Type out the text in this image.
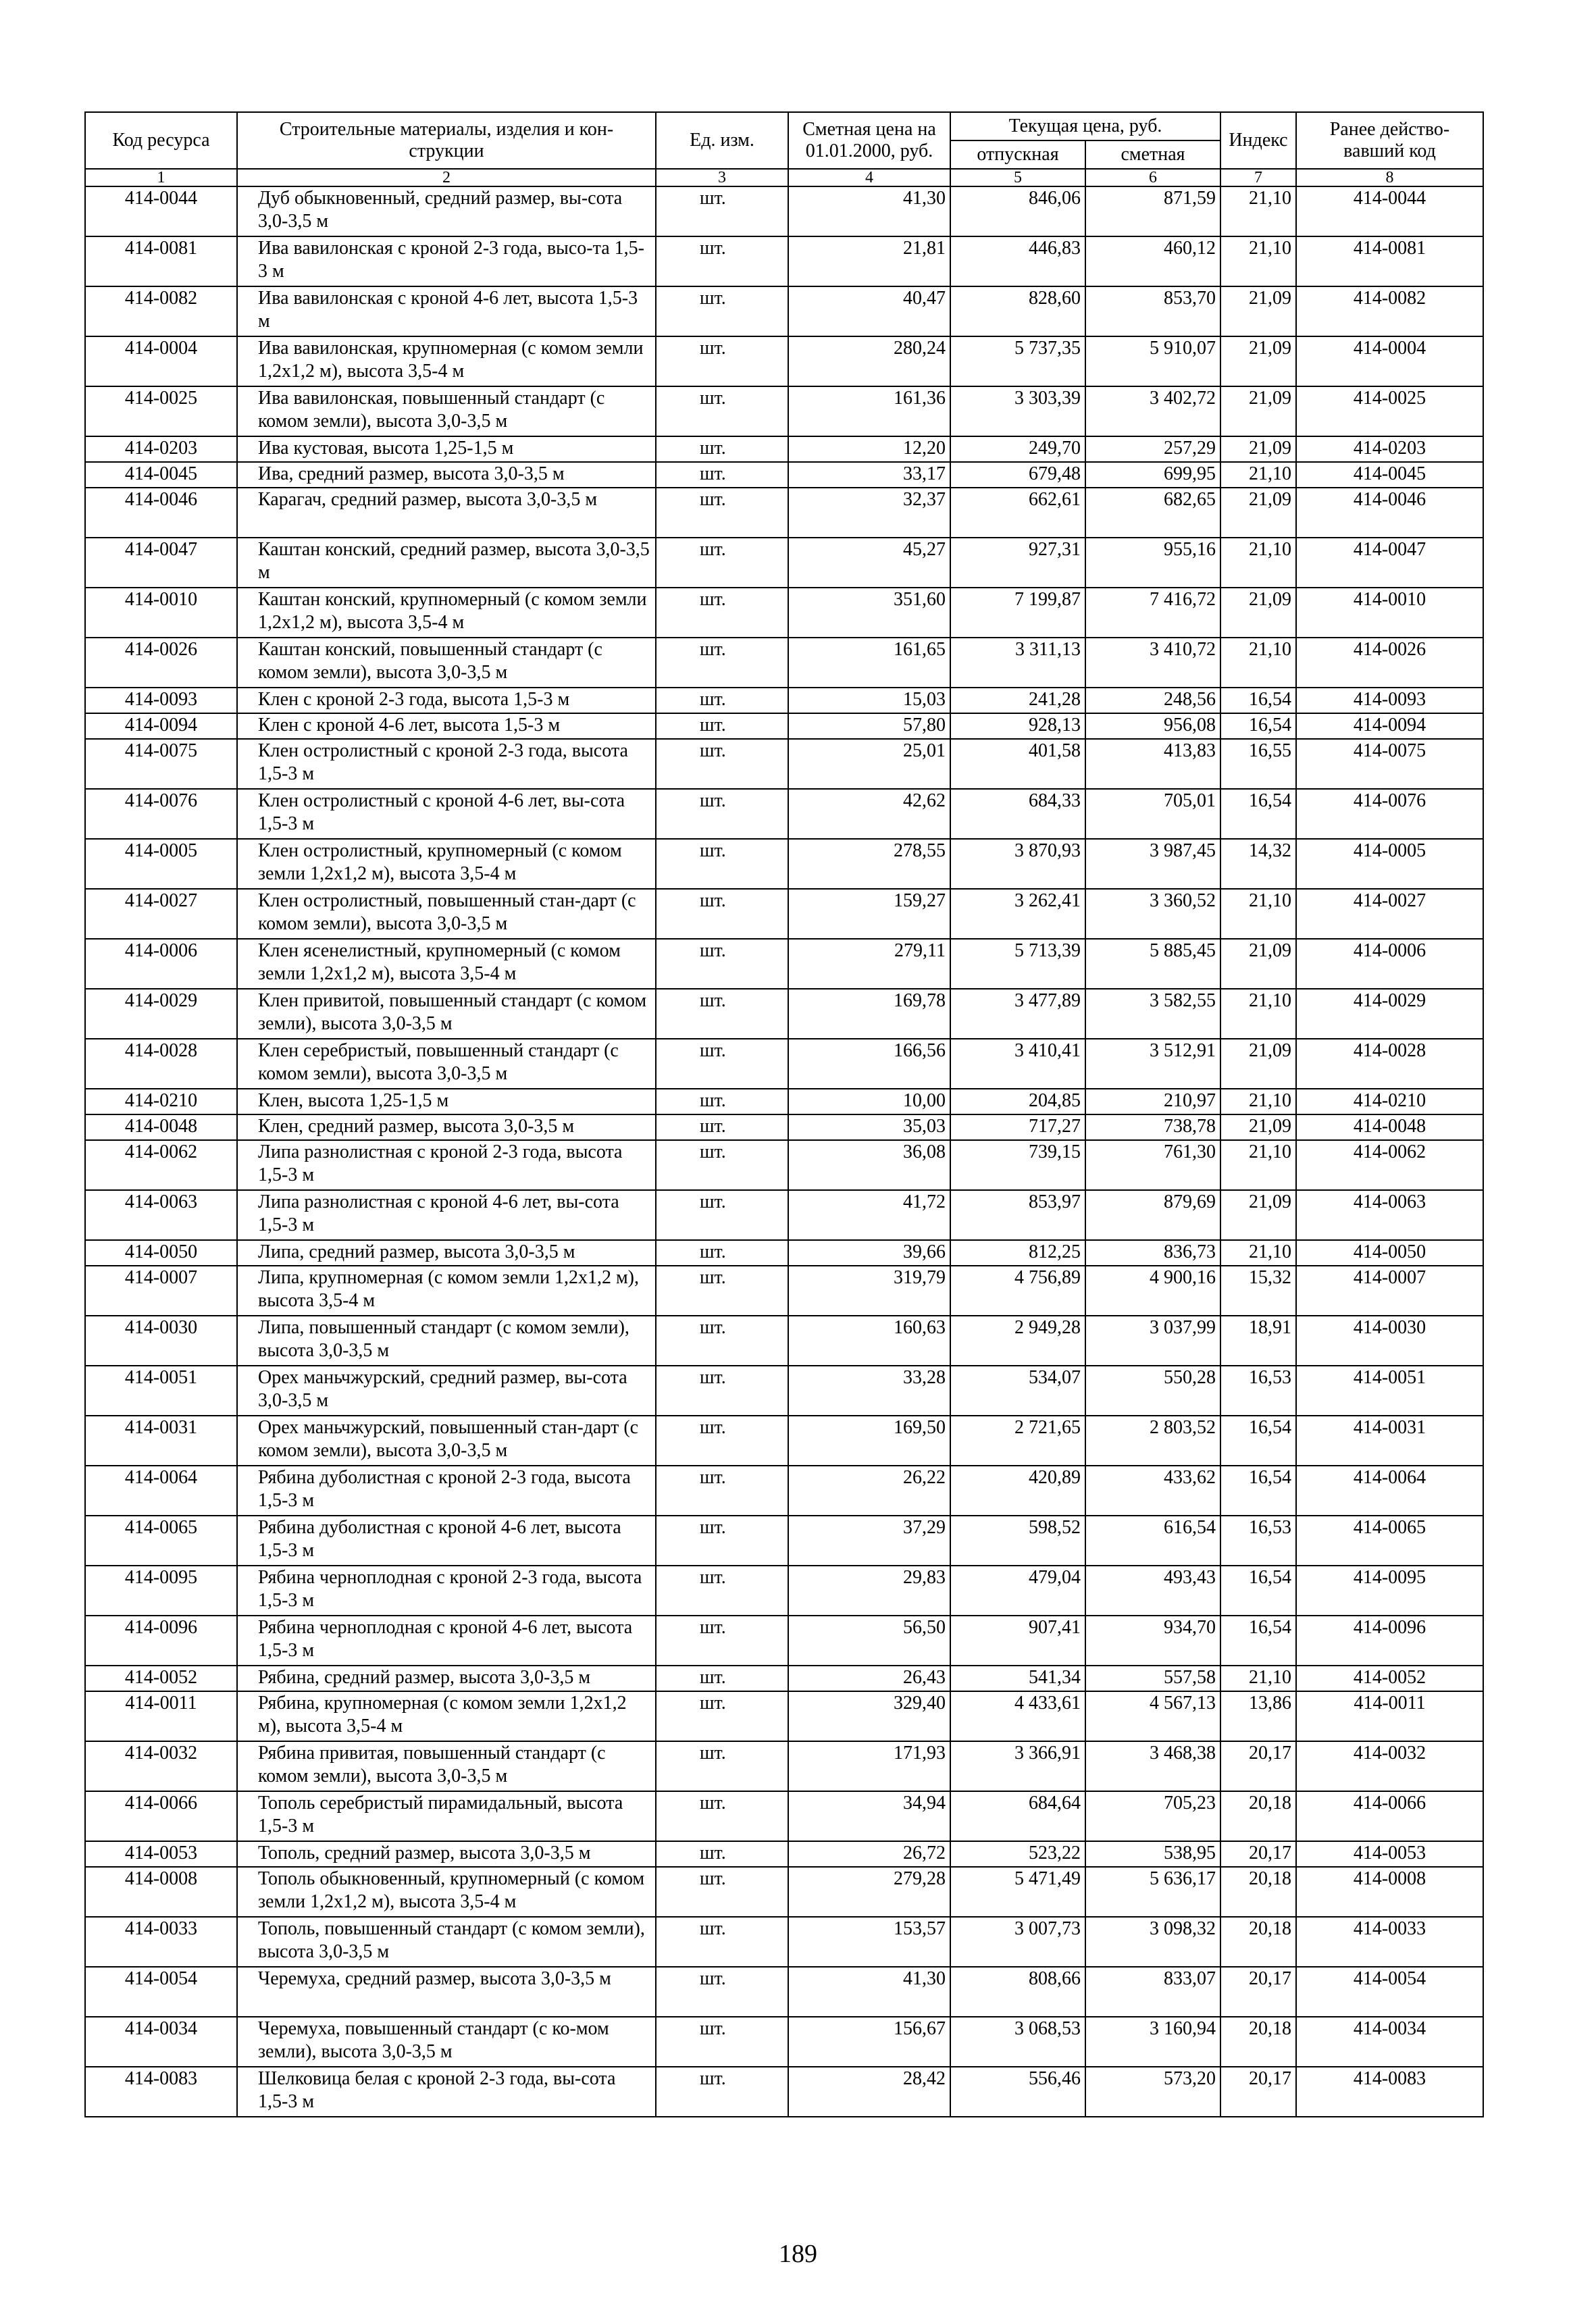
Код ресурса	Строительные материалы, изделия и кон-струкции	Ед. изм.	Сметная цена на 01.01.2000, руб.	Текущая цена, руб.		Индекс	Ранее действо-вавший код
				отпускная	сметная		
1	2	3	4	5	6	7	8
414-0044	Дуб обыкновенный, средний размер, вы-сота 3,0-3,5 м	шт.	41,30	846,06	871,59	21,10	414-0044
414-0081	Ива вавилонская с кроной 2-3 года, высо-та 1,5-3 м	шт.	21,81	446,83	460,12	21,10	414-0081
414-0082	Ива вавилонская с кроной 4-6 лет, высота 1,5-3 м	шт.	40,47	828,60	853,70	21,09	414-0082
414-0004	Ива вавилонская, крупномерная (с комом земли 1,2х1,2 м), высота 3,5-4 м	шт.	280,24	5 737,35	5 910,07	21,09	414-0004
414-0025	Ива вавилонская, повышенный стандарт (с комом земли), высота 3,0-3,5 м	шт.	161,36	3 303,39	3 402,72	21,09	414-0025
414-0203	Ива кустовая, высота 1,25-1,5 м	шт.	12,20	249,70	257,29	21,09	414-0203
414-0045	Ива, средний размер, высота 3,0-3,5 м	шт.	33,17	679,48	699,95	21,10	414-0045
414-0046	Карагач, средний размер, высота 3,0-3,5 м	шт.	32,37	662,61	682,65	21,09	414-0046
414-0047	Каштан конский, средний размер, высота 3,0-3,5 м	шт.	45,27	927,31	955,16	21,10	414-0047
414-0010	Каштан конский, крупномерный (с комом земли 1,2х1,2 м), высота 3,5-4 м	шт.	351,60	7 199,87	7 416,72	21,09	414-0010
414-0026	Каштан конский, повышенный стандарт (с комом земли), высота 3,0-3,5 м	шт.	161,65	3 311,13	3 410,72	21,10	414-0026
414-0093	Клен с кроной 2-3 года, высота 1,5-3 м	шт.	15,03	241,28	248,56	16,54	414-0093
414-0094	Клен с кроной 4-6 лет, высота 1,5-3 м	шт.	57,80	928,13	956,08	16,54	414-0094
414-0075	Клен остролистный с кроной 2-3 года, высота 1,5-3 м	шт.	25,01	401,58	413,83	16,55	414-0075
414-0076	Клен остролистный с кроной 4-6 лет, вы-сота 1,5-3 м	шт.	42,62	684,33	705,01	16,54	414-0076
414-0005	Клен остролистный, крупномерный (с комом земли 1,2х1,2 м), высота 3,5-4 м	шт.	278,55	3 870,93	3 987,45	14,32	414-0005
414-0027	Клен остролистный, повышенный стан-дарт (с комом земли), высота 3,0-3,5 м	шт.	159,27	3 262,41	3 360,52	21,10	414-0027
414-0006	Клен ясенелистный, крупномерный (с комом земли 1,2х1,2 м), высота 3,5-4 м	шт.	279,11	5 713,39	5 885,45	21,09	414-0006
414-0029	Клен привитой, повышенный стандарт (с комом земли), высота 3,0-3,5 м	шт.	169,78	3 477,89	3 582,55	21,10	414-0029
414-0028	Клен серебристый, повышенный стандарт (с комом земли), высота 3,0-3,5 м	шт.	166,56	3 410,41	3 512,91	21,09	414-0028
414-0210	Клен, высота 1,25-1,5 м	шт.	10,00	204,85	210,97	21,10	414-0210
414-0048	Клен, средний размер, высота 3,0-3,5 м	шт.	35,03	717,27	738,78	21,09	414-0048
414-0062	Липа разнолистная с кроной 2-3 года, высота 1,5-3 м	шт.	36,08	739,15	761,30	21,10	414-0062
414-0063	Липа разнолистная с кроной 4-6 лет, вы-сота 1,5-3 м	шт.	41,72	853,97	879,69	21,09	414-0063
414-0050	Липа, средний размер, высота 3,0-3,5 м	шт.	39,66	812,25	836,73	21,10	414-0050
414-0007	Липа, крупномерная (с комом земли 1,2х1,2 м), высота 3,5-4 м	шт.	319,79	4 756,89	4 900,16	15,32	414-0007
414-0030	Липа, повышенный стандарт (с комом земли), высота 3,0-3,5 м	шт.	160,63	2 949,28	3 037,99	18,91	414-0030
414-0051	Орех маньчжурский, средний размер, вы-сота 3,0-3,5 м	шт.	33,28	534,07	550,28	16,53	414-0051
414-0031	Орех маньчжурский, повышенный стан-дарт (с комом земли), высота 3,0-3,5 м	шт.	169,50	2 721,65	2 803,52	16,54	414-0031
414-0064	Рябина дуболистная с кроной 2-3 года, высота 1,5-3 м	шт.	26,22	420,89	433,62	16,54	414-0064
414-0065	Рябина дуболистная с кроной 4-6 лет, высота 1,5-3 м	шт.	37,29	598,52	616,54	16,53	414-0065
414-0095	Рябина черноплодная с кроной 2-3 года, высота 1,5-3 м	шт.	29,83	479,04	493,43	16,54	414-0095
414-0096	Рябина черноплодная с кроной 4-6 лет, высота 1,5-3 м	шт.	56,50	907,41	934,70	16,54	414-0096
414-0052	Рябина, средний размер, высота 3,0-3,5 м	шт.	26,43	541,34	557,58	21,10	414-0052
414-0011	Рябина, крупномерная (с комом земли 1,2х1,2 м), высота 3,5-4 м	шт.	329,40	4 433,61	4 567,13	13,86	414-0011
414-0032	Рябина привитая, повышенный стандарт (с комом земли), высота 3,0-3,5 м	шт.	171,93	3 366,91	3 468,38	20,17	414-0032
414-0066	Тополь серебристый пирамидальный, высота 1,5-3 м	шт.	34,94	684,64	705,23	20,18	414-0066
414-0053	Тополь, средний размер, высота 3,0-3,5 м	шт.	26,72	523,22	538,95	20,17	414-0053
414-0008	Тополь обыкновенный, крупномерный (с комом земли 1,2х1,2 м), высота 3,5-4 м	шт.	279,28	5 471,49	5 636,17	20,18	414-0008
414-0033	Тополь, повышенный стандарт (с комом земли), высота 3,0-3,5 м	шт.	153,57	3 007,73	3 098,32	20,18	414-0033
414-0054	Черемуха, средний размер, высота 3,0-3,5 м	шт.	41,30	808,66	833,07	20,17	414-0054
414-0034	Черемуха, повышенный стандарт (с ко-мом земли), высота 3,0-3,5 м	шт.	156,67	3 068,53	3 160,94	20,18	414-0034
414-0083	Шелковица белая с кроной 2-3 года, вы-сота 1,5-3 м	шт.	28,42	556,46	573,20	20,17	414-0083
189
